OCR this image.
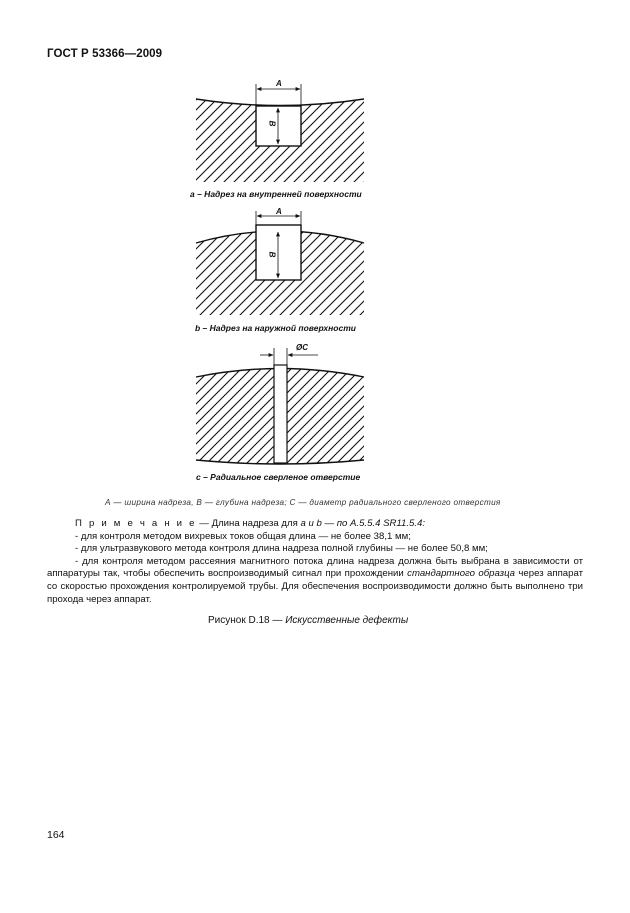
ГОСТ Р 53366—2009
A
B
а – Надрез на внутренней поверхности
A
B
b – Надрез на наружной поверхности
ØC
c – Радиальное сверленое отверстие
А — ширина надреза, В — глубина надреза; С — диаметр радиального сверленого отверстия

П р и м е ч а н и е — Длина надреза для а и b — по А.5.5.4 SR11.5.4:

- для контроля методом вихревых токов общая длина — не более 38,1 мм;

- для ультразвукового метода контроля длина надреза полной глубины — не более 50,8 мм;

- для контроля методом рассеяния магнитного потока длина надреза должна быть выбрана в зависимости от аппаратуры так, чтобы обеспечить воспроизводимый сигнал при прохождении стандартного образца через аппарат со скоростью прохождения контролируемой трубы. Для обеспечения воспроизводимости должно быть выполнено три прохода через аппарат.

Рисунок D.18 — Искусственные дефекты
164
